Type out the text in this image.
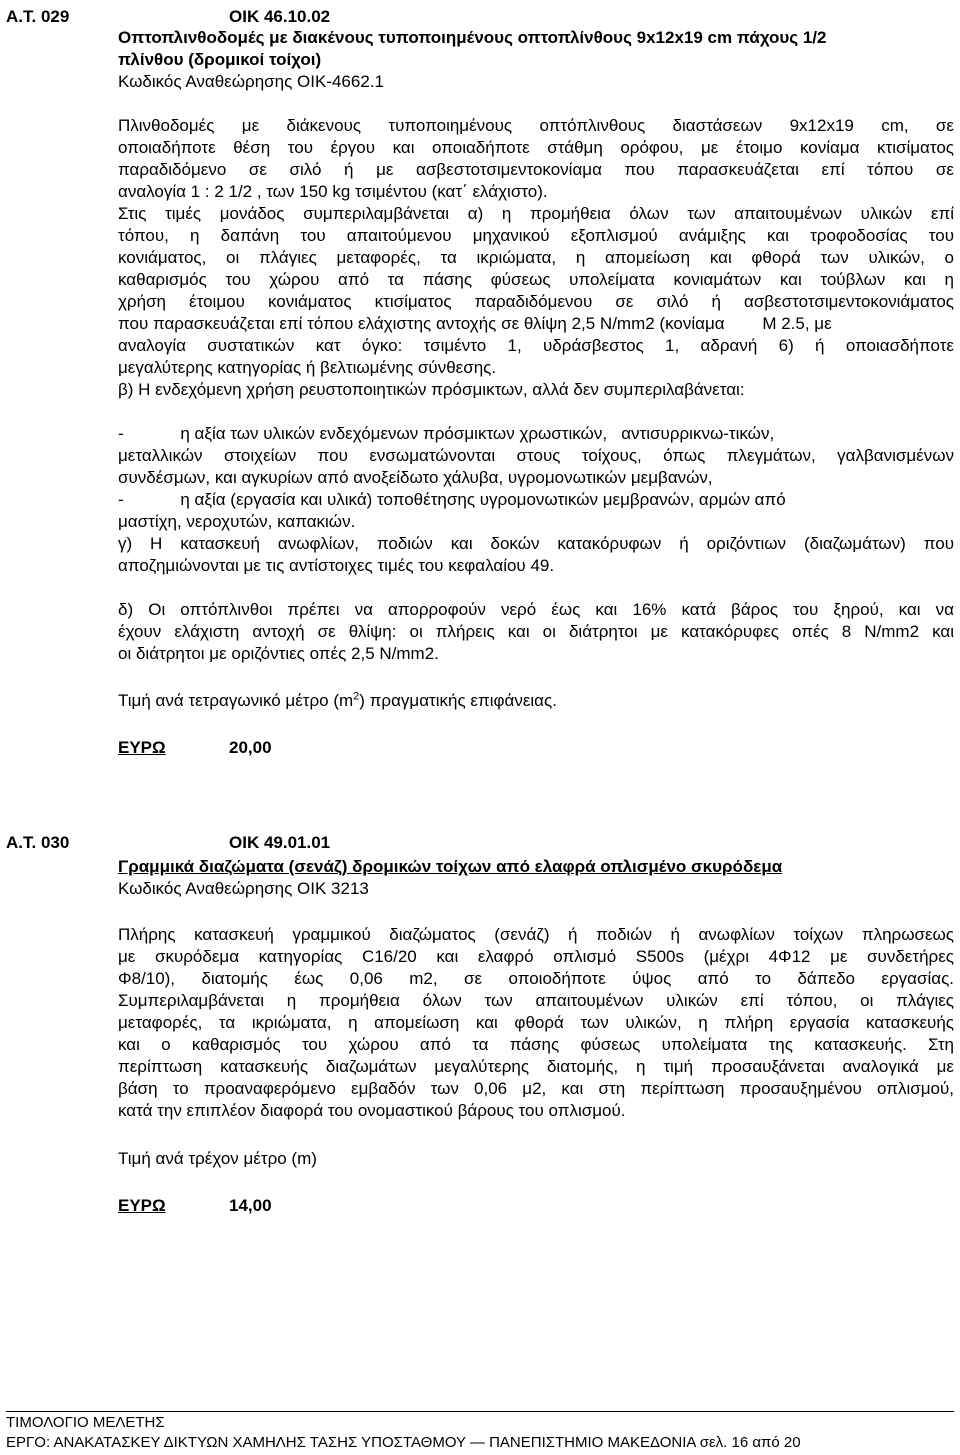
Α.Τ. 029	ΟΙΚ 46.10.02
Οπτοπλινθοδομές με διακένους τυποποιημένους οπτοπλίνθους 9x12x19 cm πάχους 1/2
πλίνθου (δρομικοί τοίχοι)
Κωδικός Αναθεώρησης ΟΙΚ-4662.1
Πλινθοδομές με διάκενους τυποποιημένους οπτόπλινθους διαστάσεων 9x12x19 cm, σε
οποιαδήποτε θέση του έργου και οποιαδήποτε στάθμη ορόφου, με έτοιμο κονίαμα κτισίματος
παραδιδόμενο σε σιλό ή με ασβεστοτσιμεντοκονίαμα που παρασκευάζεται επί τόπου σε
αναλογία 1 : 2 1/2 , των 150 kg τσιμέντου (κατ΄ ελάχιστο).
Στις τιμές μονάδος συμπεριλαμβάνεται α) η προμήθεια όλων των απαιτουμένων υλικών επί
τόπου, η δαπάνη του απαιτούμενου μηχανικού εξοπλισμού ανάμιξης και τροφοδοσίας του
κονιάματος, οι πλάγιες μεταφορές, τα ικριώματα, η απομείωση και φθορά των υλικών, ο
καθαρισμός του χώρου από τα πάσης φύσεως υπολείματα κονιαμάτων και τούβλων και η
χρήση έτοιμου κονιάματος κτισίματος παραδιδόμενου σε σιλό ή ασβεστοτσιμεντοκονιάματος
που παρασκευάζεται επί τόπου ελάχιστης αντοχής σε θλίψη 2,5 N/mm2 (κονίαμα        M 2.5, με
αναλογία συστατικών κατ όγκο: τσιμέντο 1, υδράσβεστος 1, αδρανή 6) ή οποιασδήποτε
μεγαλύτερης κατηγορίας ή βελτιωμένης σύνθεσης.
β) Η ενδεχόμενη χρήση ρευστοποιητικών πρόσμικτων, αλλά δεν συμπεριλαβάνεται:
-            η αξία των υλικών ενδεχόμενων πρόσμικτων χρωστικών,   αντισυρρικνω-τικών,
μεταλλικών στοιχείων που ενσωματώνονται στους τοίχους, όπως πλεγμάτων, γαλβανισμένων
συνδέσμων, και αγκυρίων από ανοξείδωτο χάλυβα, υγρομονωτικών μεμβανών,
-            η αξία (εργασία και υλικά) τοποθέτησης υγρομονωτικών μεμβρανών, αρμών από
μαστίχη, νεροχυτών, καπακιών.
γ) Η κατασκευή ανωφλίων, ποδιών και δοκών κατακόρυφων ή οριζόντιων (διαζωμάτων) που
αποζημιώνονται με τις αντίστοιχες τιμές του κεφαλαίου 49.
δ) Οι οπτόπλινθοι πρέπει να απορροφούν νερό έως και 16% κατά βάρος του ξηρού, και να
έχουν ελάχιστη αντοχή σε θλίψη: οι πλήρεις και οι διάτρητοι με κατακόρυφες οπές 8 N/mm2 και
οι διάτρητοι με οριζόντιες οπές 2,5 N/mm2.
Τιμή ανά τετραγωνικό μέτρο $(m^2)$ πραγματικής επιφάνειας.
ΕΥΡΩ	20,00
Α.Τ. 030	ΟΙΚ 49.01.01
Γραμμικά διαζώματα (σενάζ) δρομικών τοίχων από ελαφρά οπλισμένο σκυρόδεμα
Κωδικός Αναθεώρησης ΟΙΚ 3213
Πλήρης κατασκευή γραμμικού διαζώματος (σενάζ) ή ποδιών ή ανωφλίων τοίχων πληρωσεως
με σκυρόδεμα κατηγορίας C16/20 και ελαφρό οπλισμό S500s (μέχρι 4Φ12 με συνδετήρες
Φ8/10), διατομής έως 0,06 m2, σε οποιοδήποτε ύψος από το δάπεδο εργασίας.
Συμπεριλαμβάνεται η προμήθεια όλων των απαιτουμένων υλικών επί τόπου, οι πλάγιες
μεταφορές, τα ικριώματα, η απομείωση και φθορά των υλικών, η πλήρη εργασία κατασκευής
και ο καθαρισμός του χώρου από τα πάσης φύσεως υπολείματα της κατασκευής. Στη
περίπτωση κατασκευής διαζωμάτων μεγαλύτερης διατομής, η τιμή προσαυξάνεται αναλογικά με
βάση το προαναφερόμενο εμβαδόν των 0,06 μ2, και στη περίπτωση προσαυξημένου οπλισμού,
κατά την επιπλέον διαφορά του ονομαστικού βάρους του οπλισμού.
Τιμή ανά τρέχον μέτρο (m)
ΕΥΡΩ	14,00
ΤΙΜΟΛΟΓΙΟ ΜΕΛΕΤΗΣ
ΕΡΓΟ: ΑΝΑΚΑΤΑΣΚΕΥ ΔΙΚΤΥΩΝ ΧΑΜΗΛΗΣ ΤΑΣΗΣ ΥΠΟΣΤΑΘΜΟΥ — ΠΑΝΕΠΙΣΤΗΜΙΟ ΜΑΚΕΔΟΝΙΑ σελ. 16 από 20
